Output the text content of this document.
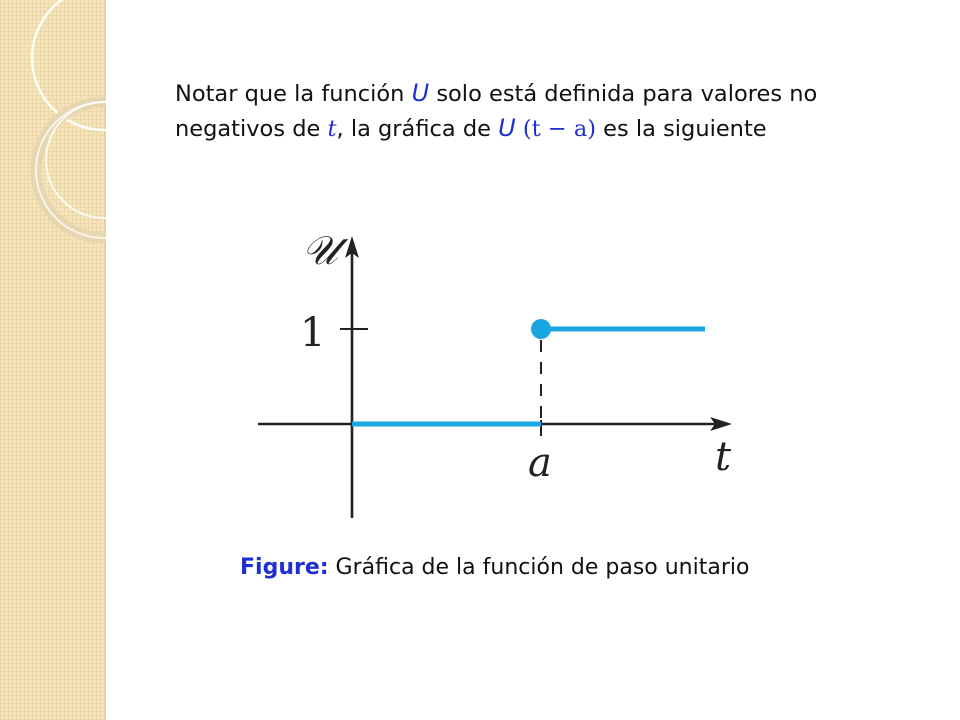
Notar que la función U solo está definida para valores no
negativos de t, la gráfica de U (t − a) es la siguiente
𝒰
1
a	t
Figure: Gráfica de la función de paso unitario
